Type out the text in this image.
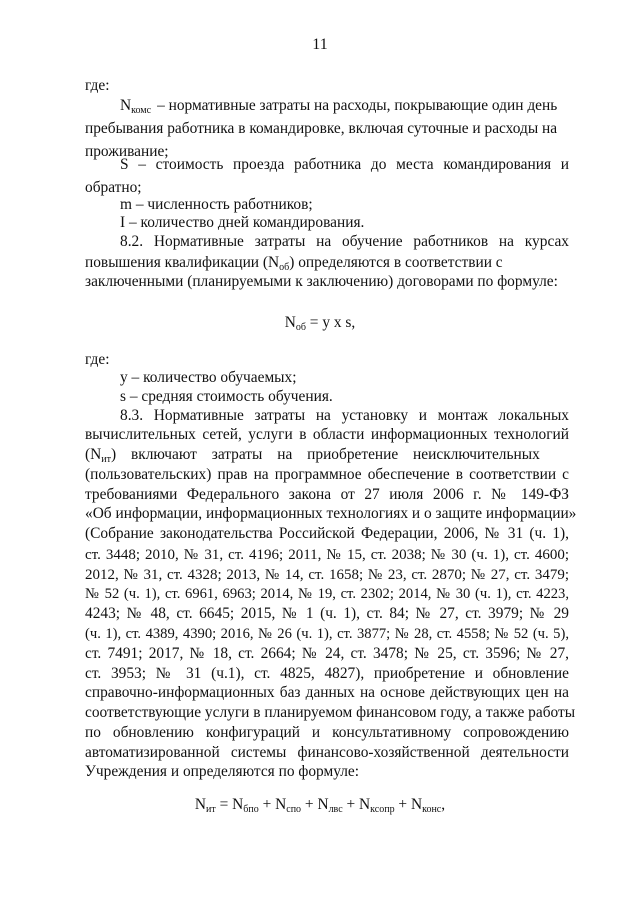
11
где:
$N_{комс}$ – нормативные затраты на расходы, покрывающие один день
пребывания работника в командировке, включая суточные и расходы на
проживание;
S – стоимость проезда работника до места командирования и
обратно;
m – численность работников;
I – количество дней командирования.
8.2. Нормативные затраты на обучение работников на курсах
повышения квалификации $(N_{об})$ определяются в соответствии с
заключенными (планируемыми к заключению) договорами по формуле:
$N_{об} = y$ x s,
где:
y – количество обучаемых;
s – средняя стоимость обучения.
8.3. Нормативные затраты на установку и монтаж локальных
вычислительных сетей, услуги в области информационных технологий
$(N_{ит})$ включают затраты на приобретение неисключительных
(пользовательских) прав на программное обеспечение в соответствии с
требованиями Федерального закона от 27 июля 2006 г. № 149-ФЗ
«Об информации, информационных технологиях и о защите информации»
(Собрание законодательства Российской Федерации, 2006, № 31 (ч. 1),
ст. 3448; 2010, № 31, ст. 4196; 2011, № 15, ст. 2038; № 30 (ч. 1), ст. 4600;
2012, № 31, ст. 4328; 2013, № 14, ст. 1658; № 23, ст. 2870; № 27, ст. 3479;
№ 52 (ч. 1), ст. 6961, 6963; 2014, № 19, ст. 2302; 2014, № 30 (ч. 1), ст. 4223,
4243; № 48, ст. 6645; 2015, № 1 (ч. 1), ст. 84; № 27, ст. 3979; № 29
(ч. 1), ст. 4389, 4390; 2016, № 26 (ч. 1), ст. 3877; № 28, ст. 4558; № 52 (ч. 5),
ст. 7491; 2017, № 18, ст. 2664; № 24, ст. 3478; № 25, ст. 3596; № 27,
ст. 3953; № 31 (ч.1), ст. 4825, 4827), приобретение и обновление
справочно-информационных баз данных на основе действующих цен на
соответствующие услуги в планируемом финансовом году, а также работы
по обновлению конфигураций и консультативному сопровождению
автоматизированной системы финансово-хозяйственной деятельности
Учреждения и определяются по формуле:
$N_{ит} = N_{бпо} + N_{спо} + N_{лвс} + N_{ксопр} + N_{конс}$,
